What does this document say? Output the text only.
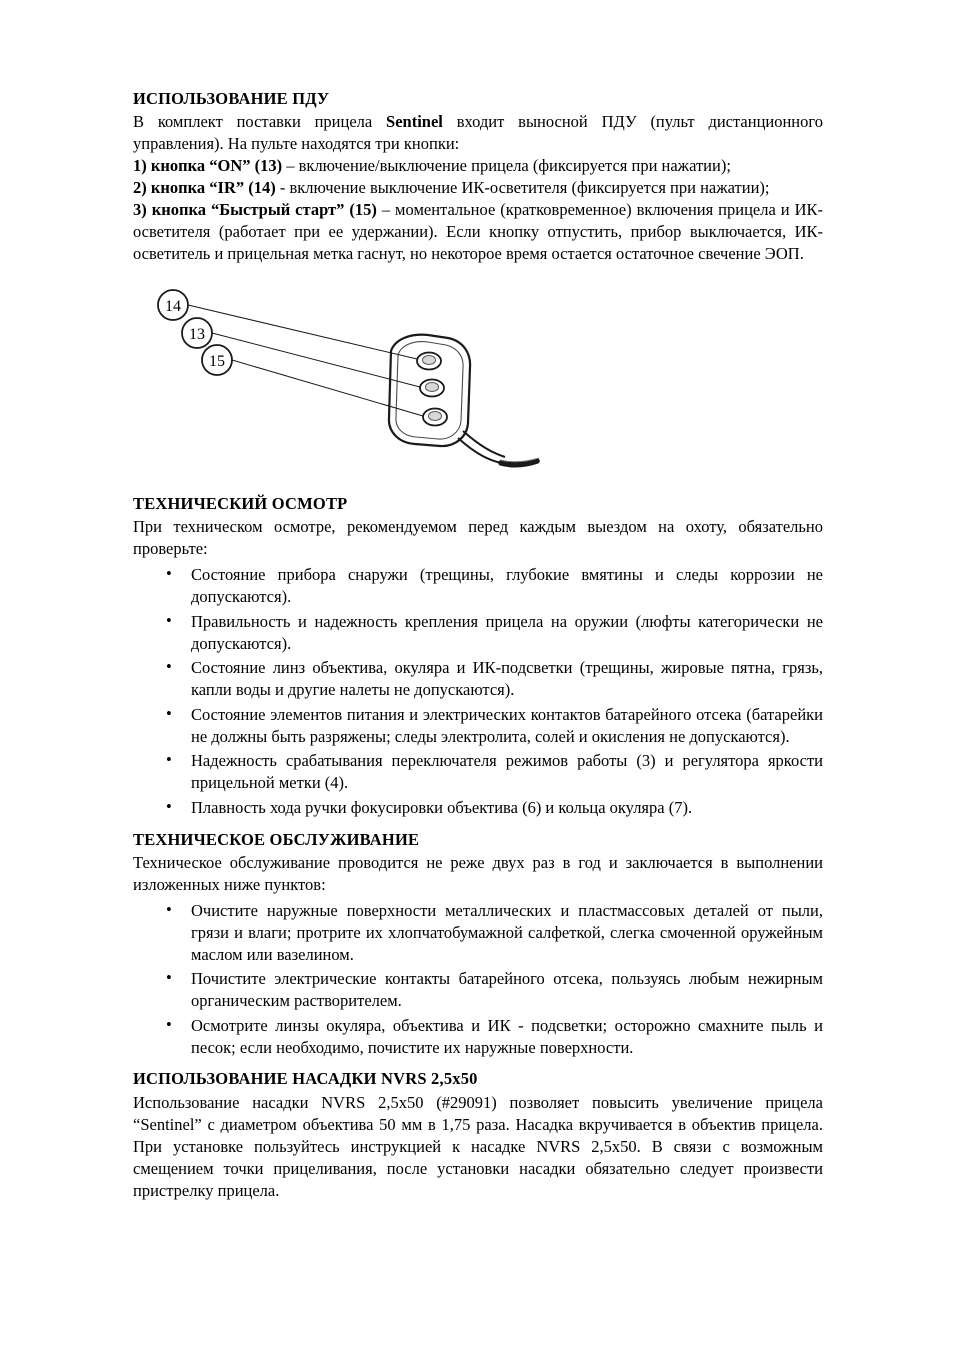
ИСПОЛЬЗОВАНИЕ ПДУ

В комплект поставки прицела Sentinel входит выносной ПДУ (пульт дистанционного управления). На пульте находятся три кнопки:

1) кнопка “ON” (13) – включение/выключение прицела (фиксируется при нажатии);

2) кнопка “IR” (14) - включение выключение ИК-осветителя (фиксируется при нажатии);

3) кнопка “Быстрый старт” (15) – моментальное (кратковременное) включения прицела и ИК-осветителя (работает при ее удержании). Если кнопку отпустить, прибор выключается, ИК-осветитель и прицельная метка гаснут, но некоторое время остается остаточное свечение ЭОП.

14
13
15
ТЕХНИЧЕСКИЙ ОСМОТР

При техническом осмотре, рекомендуемом перед каждым выездом на охоту, обязательно проверьте:

• Состояние прибора снаружи (трещины, глубокие вмятины и следы коррозии не допускаются).
• Правильность и надежность крепления прицела на оружии (люфты категорически не допускаются).
• Состояние линз объектива, окуляра и ИК-подсветки (трещины, жировые пятна, грязь, капли воды и другие налеты не допускаются).
• Состояние элементов питания и электрических контактов батарейного отсека (батарейки не должны быть разряжены; следы электролита, солей и окисления не допускаются).
• Надежность срабатывания переключателя режимов работы (3) и регулятора яркости прицельной метки (4).
• Плавность хода ручки фокусировки объектива (6) и кольца окуляра (7).
ТЕХНИЧЕСКОЕ ОБСЛУЖИВАНИЕ

Техническое обслуживание проводится не реже двух раз в год и заключается в выполнении изложенных ниже пунктов:

• Очистите наружные поверхности металлических и пластмассовых деталей от пыли, грязи и влаги; протрите их хлопчатобумажной салфеткой, слегка смоченной оружейным маслом или вазелином.
• Почистите электрические контакты батарейного отсека, пользуясь любым нежирным органическим растворителем.
• Осмотрите линзы окуляра, объектива и ИК - подсветки; осторожно смахните пыль и песок; если необходимо, почистите их наружные поверхности.
ИСПОЛЬЗОВАНИЕ НАСАДКИ NVRS 2,5x50

Использование насадки NVRS 2,5x50 (#29091) позволяет повысить увеличение прицела “Sentinel” с диаметром объектива 50 мм в 1,75 раза. Насадка вкручивается в объектив прицела. При установке пользуйтесь инструкцией к насадке NVRS 2,5x50. В связи с возможным смещением точки прицеливания, после установки насадки обязательно следует произвести пристрелку прицела.
